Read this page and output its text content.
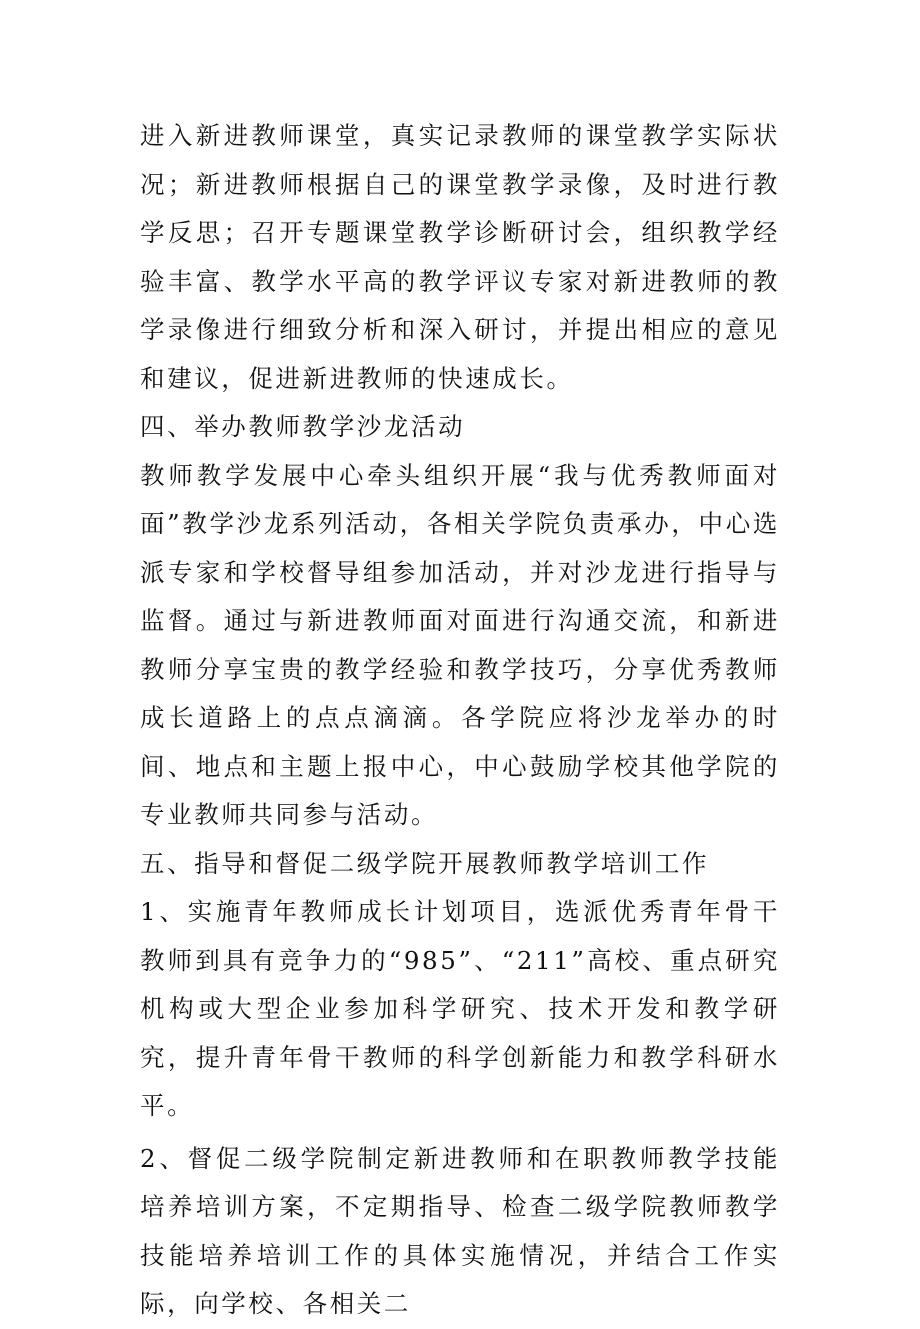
进入新进教师课堂，真实记录教师的课堂教学实际状况；新进教师根据自己的课堂教学录像，及时进行教学反思；召开专题课堂教学诊断研讨会，组织教学经验丰富、教学水平高的教学评议专家对新进教师的教学录像进行细致分析和深入研讨，并提出相应的意见和建议，促进新进教师的快速成长。

四、举办教师教学沙龙活动

教师教学发展中心牵头组织开展“我与优秀教师面对面”教学沙龙系列活动，各相关学院负责承办，中心选派专家和学校督导组参加活动，并对沙龙进行指导与监督。通过与新进教师面对面进行沟通交流，和新进教师分享宝贵的教学经验和教学技巧，分享优秀教师成长道路上的点点滴滴。各学院应将沙龙举办的时间、地点和主题上报中心，中心鼓励学校其他学院的专业教师共同参与活动。

五、指导和督促二级学院开展教师教学培训工作

1、实施青年教师成长计划项目，选派优秀青年骨干教师到具有竞争力的“985”、“211”高校、重点研究机构或大型企业参加科学研究、技术开发和教学研究，提升青年骨干教师的科学创新能力和教学科研水平。

2、督促二级学院制定新进教师和在职教师教学技能培养培训方案，不定期指导、检查二级学院教师教学技能培养培训工作的具体实施情况，并结合工作实际，向学校、各相关二
